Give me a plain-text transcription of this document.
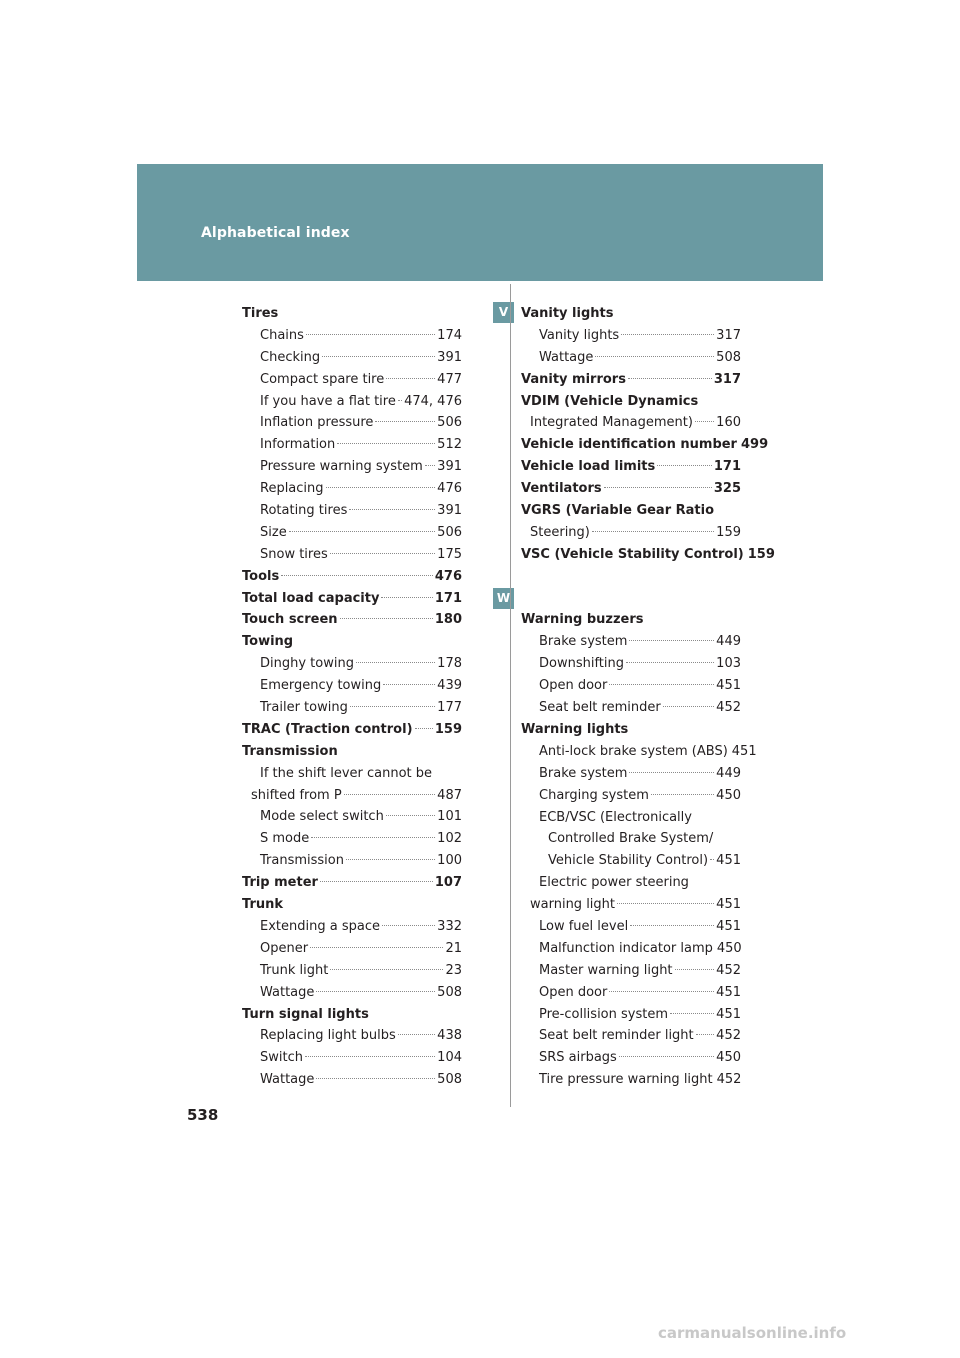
Alphabetical index
V
W
Tires
Chains	174
Checking	391
Compact spare tire	477
If you have a flat tire 474, 476
Inflation pressure	506
Information	512
Pressure warning system 391
Replacing	476
Rotating tires	391
Size	506
Snow tires	175
Tools	476
Total load capacity	171
Touch screen	180
Towing
Dinghy towing	178
Emergency towing	439
Trailer towing	177
TRAC (Traction control) 159
Transmission
If the shift lever cannot be
shifted from P	487
Mode select switch	101
S mode	102
Transmission	100
Trip meter	107
Trunk
Extending a space	332
Opener	21
Trunk light	23
Wattage	508
Turn signal lights
Replacing light bulbs	438
Switch	104
Wattage	508
Vanity lights
Vanity lights	317
Wattage	508
Vanity mirrors	317
VDIM (Vehicle Dynamics
Integrated Management) 160
Vehicle identification number 499
Vehicle load limits	171
Ventilators	325
VGRS (Variable Gear Ratio
Steering)	159
VSC (Vehicle Stability Control) 159
Warning buzzers
Brake system	449
Downshifting	103
Open door	451
Seat belt reminder	452
Warning lights
Anti-lock brake system (ABS) 451
Brake system	449
Charging system	450
ECB/VSC (Electronically
Controlled Brake System/
Vehicle Stability Control) 451
Electric power steering
warning light	451
Low fuel level	451
Malfunction indicator lamp 450
Master warning light	452
Open door	451
Pre-collision system	451
Seat belt reminder light 452
SRS airbags	450
Tire pressure warning light 452
538
carmanualsonline.info
